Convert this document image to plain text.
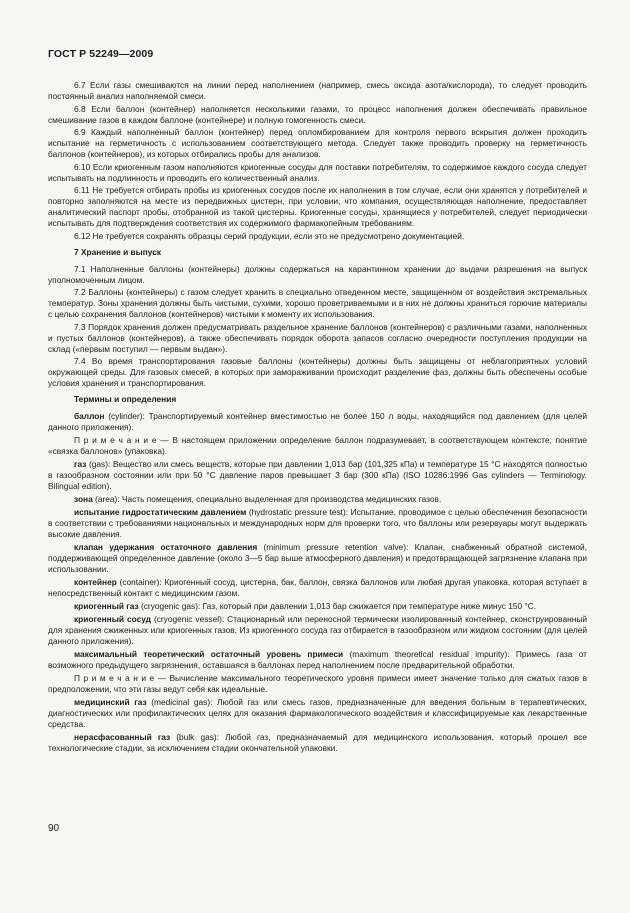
ГОСТ Р 52249—2009

6.7 Если газы смешиваются на линии перед наполнением (например, смесь оксида азота/кислорода), то следует проводить постоянный анализ наполняемой смеси.

6.8 Если баллон (контейнер) наполняется несколькими газами, то процесс наполнения должен обеспечивать правильное смешивание газов в каждом баллоне (контейнере) и полную гомогенность смеси.

6.9 Каждый наполненный баллон (контейнер) перед опломбированием для контроля первого вскрытия должен проходить испытание на герметичность с использованием соответствующего метода. Следует также проводить проверку на герметичность баллонов (контейнеров), из которых отбирались пробы для анализов.

6.10 Если криогенным газом наполняются криогенные сосуды для поставки потребителям, то содержимое каждого сосуда следует испытывать на подлинность и проводить его количественный анализ.

6.11 Не требуется отбирать пробы из криогенных сосудов после их наполнения в том случае, если они хранятся у потребителей и повторно заполняются на месте из передвижных цистерн, при условии, что компания, осуществляющая наполнение, предоставляет аналитический паспорт пробы, отобранной из такой цистерны. Криогенные сосуды, хранящиеся у потребителей, следует периодически испытывать для подтверждения соответствия их содержимого фармакопейным требованиям.

6.12 Не требуется сохранять образцы серий продукции, если это не предусмотрено документацией.

7 Хранение и выпуск

7.1 Наполненные баллоны (контейнеры) должны содержаться на карантинном хранении до выдачи разрешения на выпуск уполномоченным лицом.

7.2 Баллоны (контейнеры) с газом следует хранить в специально отведенном месте, защищенном от воздействия экстремальных температур. Зоны хранения должны быть чистыми, сухими, хорошо проветриваемыми и в них не должны храниться горючие материалы с целью сохранения баллонов (контейнеров) чистыми к моменту их использования.

7.3 Порядок хранения должен предусматривать раздельное хранение баллонов (контейнеров) с различными газами, наполненных и пустых баллонов (контейнеров), а также обеспечивать порядок оборота запасов согласно очередности поступления продукции на склад («первым поступил — первым выдан»).

7.4 Во время транспортирования газовые баллоны (контейнеры) должны быть защищены от неблагоприятных условий окружающей среды. Для газовых смесей, в которых при замораживании происходит разделение фаз, должны быть обеспечены особые условия хранения и транспортирования.

Термины и определения

баллон (cylinder): Транспортируемый контейнер вместимостью не более 150 л воды, находящийся под давлением (для целей данного приложения).

П р и м е ч а н и е — В настоящем приложении определение баллон подразумевает, в соответствующем контексте, понятие «связка баллонов» (упаковка).

газ (gas): Вещество или смесь веществ, которые при давлении 1,013 бар (101,325 кПа) и температуре 15 °С находятся полностью в газообразном состоянии или при 50 °С давление паров превышает 3 бар (300 кПа) (ISO 10286:1996 Gas cylinders — Terminology. Bilingual edition).

зона (area): Часть помещения, специально выделенная для производства медицинских газов.

испытание гидростатическим давлением (hydrostatic pressure test): Испытание, проводимое с целью обеспечения безопасности в соответствии с требованиями национальных и международных норм для проверки того, что баллоны или резервуары могут выдержать высокие давления.

клапан удержания остаточного давления (minimum pressure retention valve): Клапан, снабженный обратной системой, поддерживающей определенное давление (около 3—5 бар выше атмосферного давления) и предотвращающей загрязнение клапана при использовании.

контейнер (container): Криогенный сосуд, цистерна, бак, баллон, связка баллонов или любая другая упаковка, которая вступает в непосредственный контакт с медицинским газом.

криогенный газ (cryogenic gas): Газ, который при давлении 1,013 бар сжижается при температуре ниже минус 150 °С.

криогенный сосуд (cryogenic vessel): Стационарный или переносной термически изолированный контейнер, сконструированный для хранения сжиженных или криогенных газов. Из криогенного сосуда газ отбирается в газообразном или жидком состоянии (для целей данного приложения).

максимальный теоретический остаточный уровень примеси (maximum theoretical residual impurity): Примесь газа от возможного предыдущего загрязнения, оставшаяся в баллонах перед наполнением после предварительной обработки.

П р и м е ч а н и е — Вычисление максимального теоретического уровня примеси имеет значение только для сжатых газов в предположении, что эти газы ведут себя как идеальные.

медицинский газ (medicinal gas): Любой газ или смесь газов, предназначенные для введения больным в терапевтических, диагностических или профилактических целях для оказания фармакологического воздействия и классифицируемые как лекарственные средства.

нерасфасованный газ (bulk gas): Любой газ, предназначаемый для медицинского использования, который прошел все технологические стадии, за исключением стадии окончательной упаковки.

90
